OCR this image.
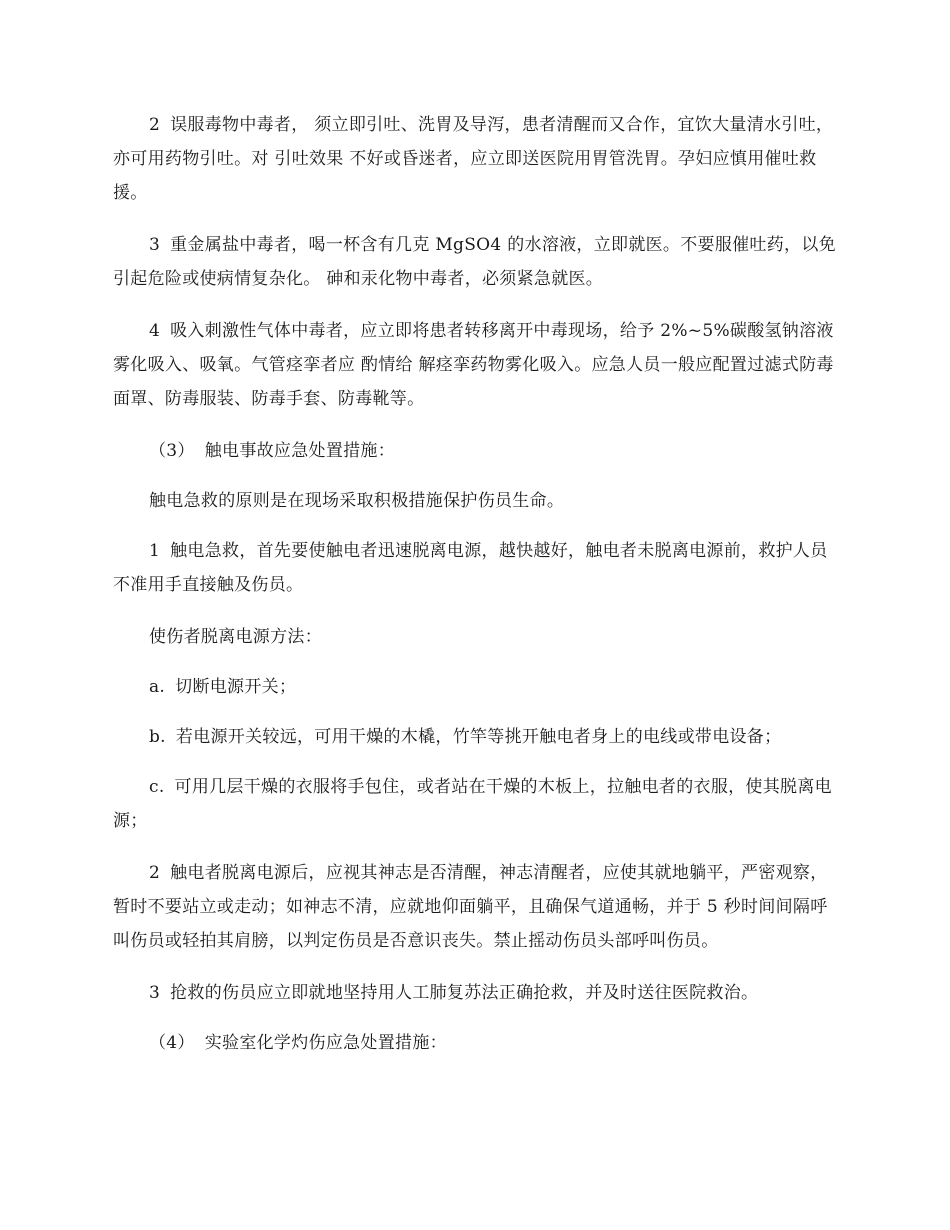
2 误服毒物中毒者， 须立即引吐、洗胃及导泻，患者清醒而又合作，宜饮大量清水引吐，亦可用药物引吐。对 引吐效果 不好或昏迷者，应立即送医院用胃管洗胃。孕妇应慎用催吐救援。

3 重金属盐中毒者，喝一杯含有几克 MgSO4 的水溶液，立即就医。不要服催吐药，以免引起危险或使病情复杂化。 砷和汞化物中毒者，必须紧急就医。

4 吸入刺激性气体中毒者，应立即将患者转移离开中毒现场，给予 2%~5%碳酸氢钠溶液雾化吸入、吸氧。气管痉挛者应 酌情给 解痉挛药物雾化吸入。应急人员一般应配置过滤式防毒面罩、防毒服装、防毒手套、防毒靴等。

（3） 触电事故应急处置措施：

触电急救的原则是在现场采取积极措施保护伤员生命。

1 触电急救，首先要使触电者迅速脱离电源，越快越好，触电者未脱离电源前，救护人员不准用手直接触及伤员。

使伤者脱离电源方法：

a. 切断电源开关；

b. 若电源开关较远，可用干燥的木橇，竹竿等挑开触电者身上的电线或带电设备；

c. 可用几层干燥的衣服将手包住，或者站在干燥的木板上，拉触电者的衣服，使其脱离电源；

2 触电者脱离电源后，应视其神志是否清醒，神志清醒者，应使其就地躺平，严密观察，暂时不要站立或走动；如神志不清，应就地仰面躺平，且确保气道通畅，并于 5 秒时间间隔呼叫伤员或轻拍其肩膀，以判定伤员是否意识丧失。禁止摇动伤员头部呼叫伤员。

3 抢救的伤员应立即就地坚持用人工肺复苏法正确抢救，并及时送往医院救治。

（4） 实验室化学灼伤应急处置措施：
